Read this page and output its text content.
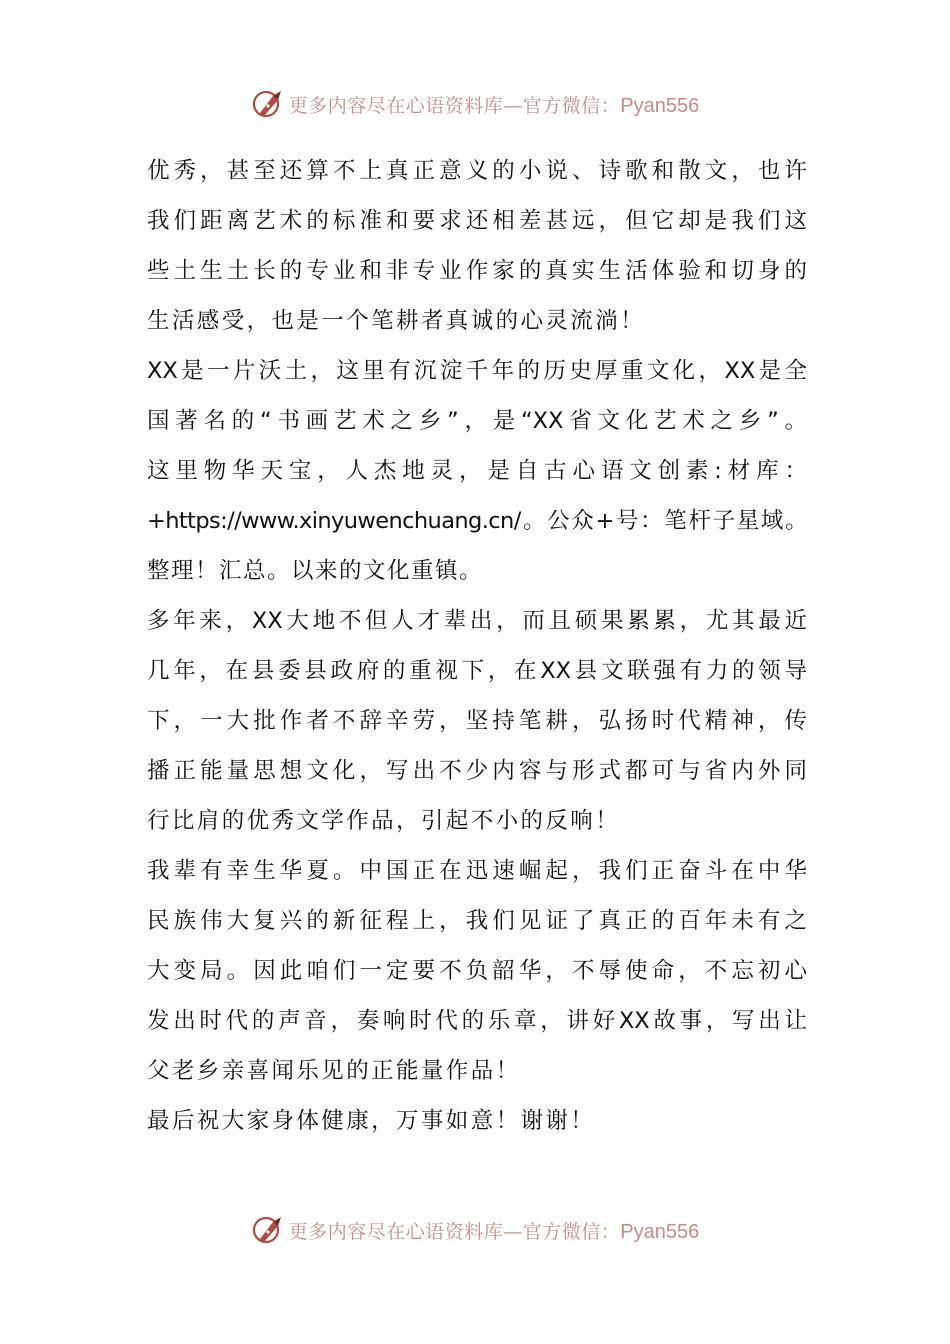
更多内容尽在心语资料库—官方微信：Pyan556
优秀，甚至还算不上真正意义的小说、诗歌和散文，也许
我们距离艺术的标准和要求还相差甚远，但它却是我们这
些土生土长的专业和非专业作家的真实生活体验和切身的
生活感受，也是一个笔耕者真诚的心灵流淌！
XX是一片沃土，这里有沉淀千年的历史厚重文化，XX是全
国著名的“书画艺术之乡”，是“XX省文化艺术之乡”。
这里物华天宝，人杰地灵，是自古心语文创素:材库：
+https://www.xinyuwenchuang.cn/。公众+号：笔杆子星域。
整理！汇总。以来的文化重镇。
多年来，XX大地不但人才辈出，而且硕果累累，尤其最近
几年，在县委县政府的重视下，在XX县文联强有力的领导
下，一大批作者不辞辛劳，坚持笔耕，弘扬时代精神，传
播正能量思想文化，写出不少内容与形式都可与省内外同
行比肩的优秀文学作品，引起不小的反响！
我辈有幸生华夏。中国正在迅速崛起，我们正奋斗在中华
民族伟大复兴的新征程上，我们见证了真正的百年未有之
大变局。因此咱们一定要不负韶华，不辱使命，不忘初心
发出时代的声音，奏响时代的乐章，讲好XX故事，写出让
父老乡亲喜闻乐见的正能量作品！
最后祝大家身体健康，万事如意！谢谢！
更多内容尽在心语资料库—官方微信：Pyan556
